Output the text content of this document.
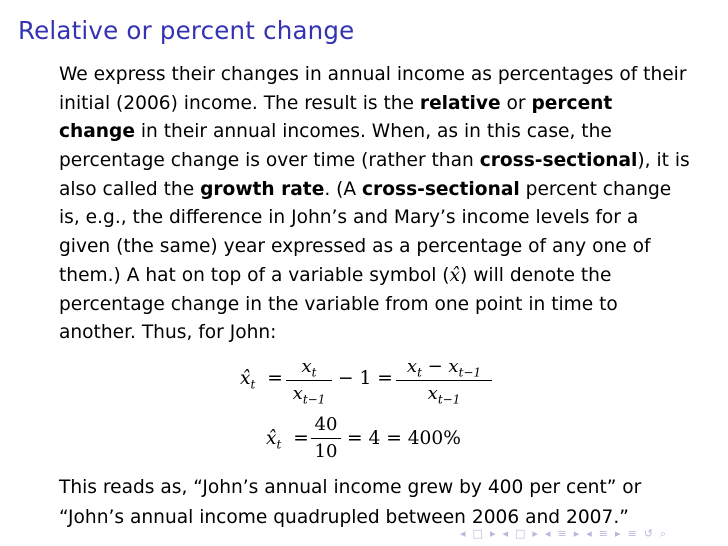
Relative or percent change
We express their changes in annual income as percentages of their
initial (2006) income. The result is the relative or percent
change in their annual incomes. When, as in this case, the
percentage change is over time (rather than cross-sectional), it is
also called the growth rate. (A cross-sectional percent change
is, e.g., the difference in John’s and Mary’s income levels for a
given (the same) year expressed as a percentage of any one of
them.) A hat on top of a variable symbol (x̂) will denote the
percentage change in the variable from one point in time to
another. Thus, for John:
$x̂_t$ =
$x_t$
$x_{t-1}$
− 1 =
$x_t - x_{t-1}$
$x_{t-1}$
$x̂_t$ =
40
10
= 4 = 400%
This reads as, “John’s annual income grew by 400 per cent” or
“John’s annual income quadrupled between 2006 and 2007.”
◂ □ ▸ ◂ □ ▸ ◂ ≡ ▸ ◂ ≡ ▸ ≡ ↺ ⌕
